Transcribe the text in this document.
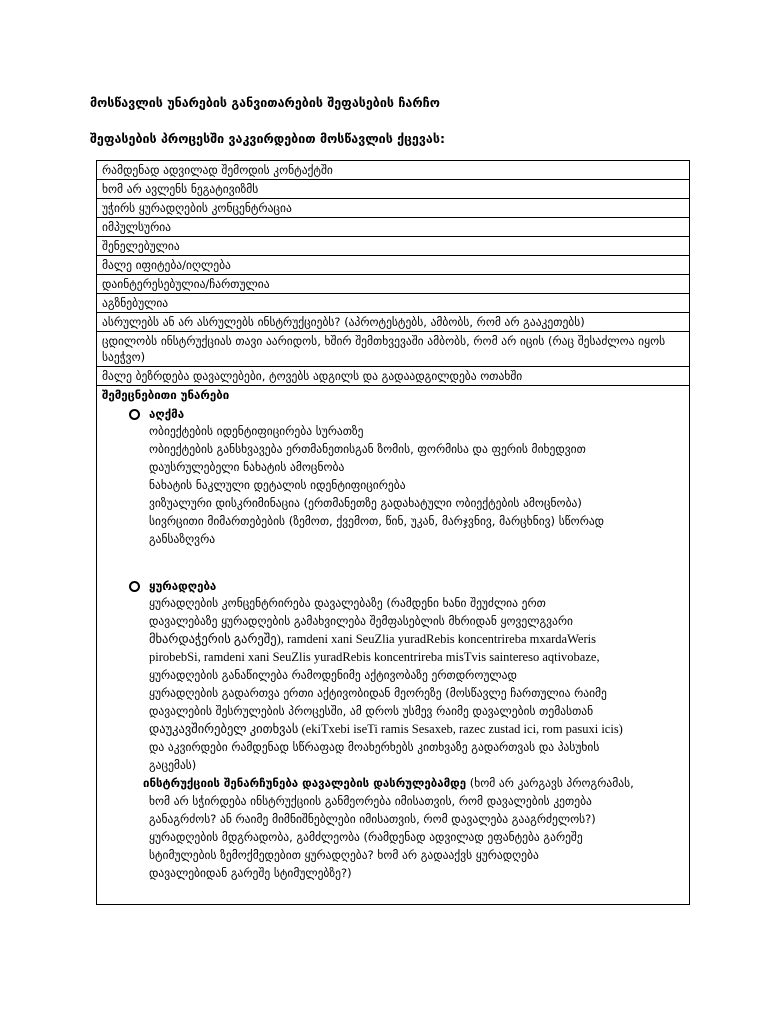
მოსწავლის უნარების განვითარების შეფასების ჩარჩო
შეფასების პროცესში ვაკვირდებით მოსწავლის ქცევას:
რამდენად ადვილად შემოდის კონტაქტში
ხომ არ ავლენს ნეგატივიზმს
უჭირს ყურადღების კონცენტრაცია
იმპულსურია
შენელებულია
მალე იფიტება/იღლება
დაინტერესებულია/ჩართულია
აგზნებულია
ასრულებს ან არ ასრულებს ინსტრუქციებს? (აპროტესტებს, ამბობს, რომ არ გააკეთებს)
ცდილობს ინსტრუქციას თავი აარიდოს, ხშირ შემთხვევაში ამბობს, რომ არ იცის (რაც შესაძლოა იყოს საეჭვო)
მალე ბეზრდება დავალებები, ტოვებს ადგილს და გადაადგილდება ოთახში

შემეცნებითი უნარები
აღქმა
ობიექტების იდენტიფიცირება სურათზე
ობიექტების განსხვავება ერთმანეთისგან ზომის, ფორმისა და ფერის მიხედვით
დაუსრულებელი ნახატის ამოცნობა
ნახატის ნაკლული დეტალის იდენტიფიცირება
ვიზუალური დისკრიმინაცია (ერთმანეთზე გადახატული ობიექტების ამოცნობა)
სივრცითი მიმართებების (ზემოთ, ქვემოთ, წინ, უკან, მარჯვნივ, მარცხნივ) სწორად
განსაზღვრა
ყურადღება
ყურადღების კონცენტრირება დავალებაზე (რამდენი ხანი შეუძლია ერთ
დავალებაზე ყურადღების გამახვილება შემფასებლის მხრიდან ყოველგვარი
მხარდაჭერის გარეშე), ramdeni xani SeuZlia yuradRebis koncentrireba mxardaWeris
pirobebSi, ramdeni xani SeuZlis yuradRebis koncentrireba misTvis saintereso aqtivobaze,
ყურადღების განაწილება რამოდენიმე აქტივობაზე ერთდროულად
ყურადღების გადართვა ერთი აქტივობიდან მეორეზე (მოსწავლე ჩართულია რაიმე
დავალების შესრულების პროცესში, ამ დროს უსმევ რაიმე დავალების თემასთან
დაუკავშირებელ კითხვას (ekiTxebi iseTi ramis Sesaxeb, razec zustad ici, rom pasuxi icis)
და აკვირდები რამდენად სწრაფად მოახერხებს კითხვაზე გადართვას და პასუხის
გაცემას)
ინსტრუქციის შენარჩუნება დავალების დასრულებამდე (ხომ არ კარგავს პროგრამას,
ხომ არ სჭირდება ინსტრუქციის განმეორება იმისათვის, რომ დავალების კეთება
განაგრძოს? ან რაიმე მიმნიშნებლები იმისათვის, რომ დავალება გააგრძელოს?)
ყურადღების მდგრადობა, გამძლეობა (რამდენად ადვილად ეფანტება გარეშე
სტიმულების ზემოქმედებით ყურადღება? ხომ არ გადააქვს ყურადღება
დავალებიდან გარეშე სტიმულებზე?)
